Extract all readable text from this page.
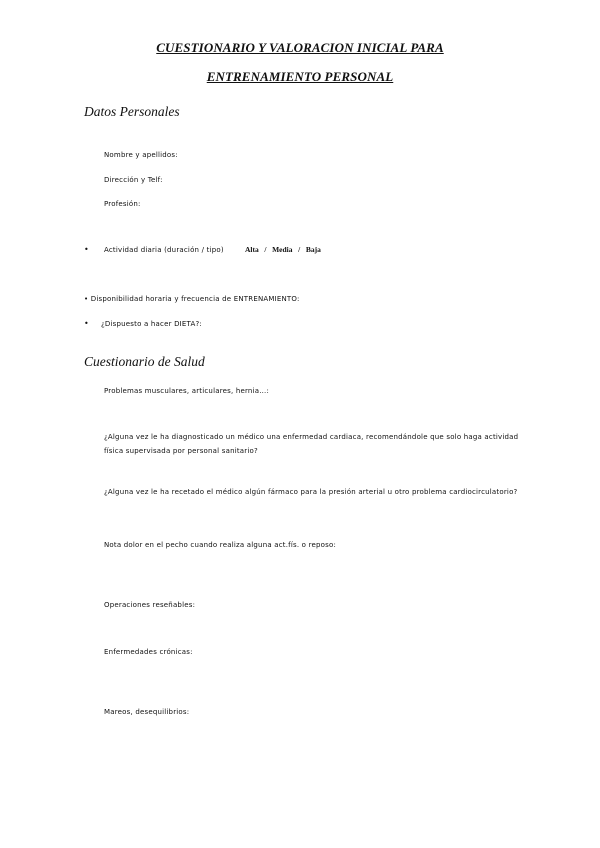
CUESTIONARIO Y VALORACION INICIAL PARA
ENTRENAMIENTO PERSONAL
Datos Personales
Nombre y apellidos:
Dirección y Telf:
Profesión:
• Actividad diaria (duración / tipo)	Alta   /   Media   /   Baja
• Disponibilidad horaria y frecuencia de ENTRENAMIENTO:
• ¿Dispuesto a hacer DIETA?:
Cuestionario de Salud
Problemas musculares, articulares, hernia...:
¿Alguna vez le ha diagnosticado un médico una enfermedad cardiaca, recomendándole que solo haga actividad física supervisada por personal sanitario?
¿Alguna vez le ha recetado el médico algún fármaco para la presión arterial u otro problema cardiocirculatorio?
Nota dolor en el pecho cuando realiza alguna act.fís. o reposo:
Operaciones reseñables:
Enfermedades crónicas:
Mareos, desequilibrios:
